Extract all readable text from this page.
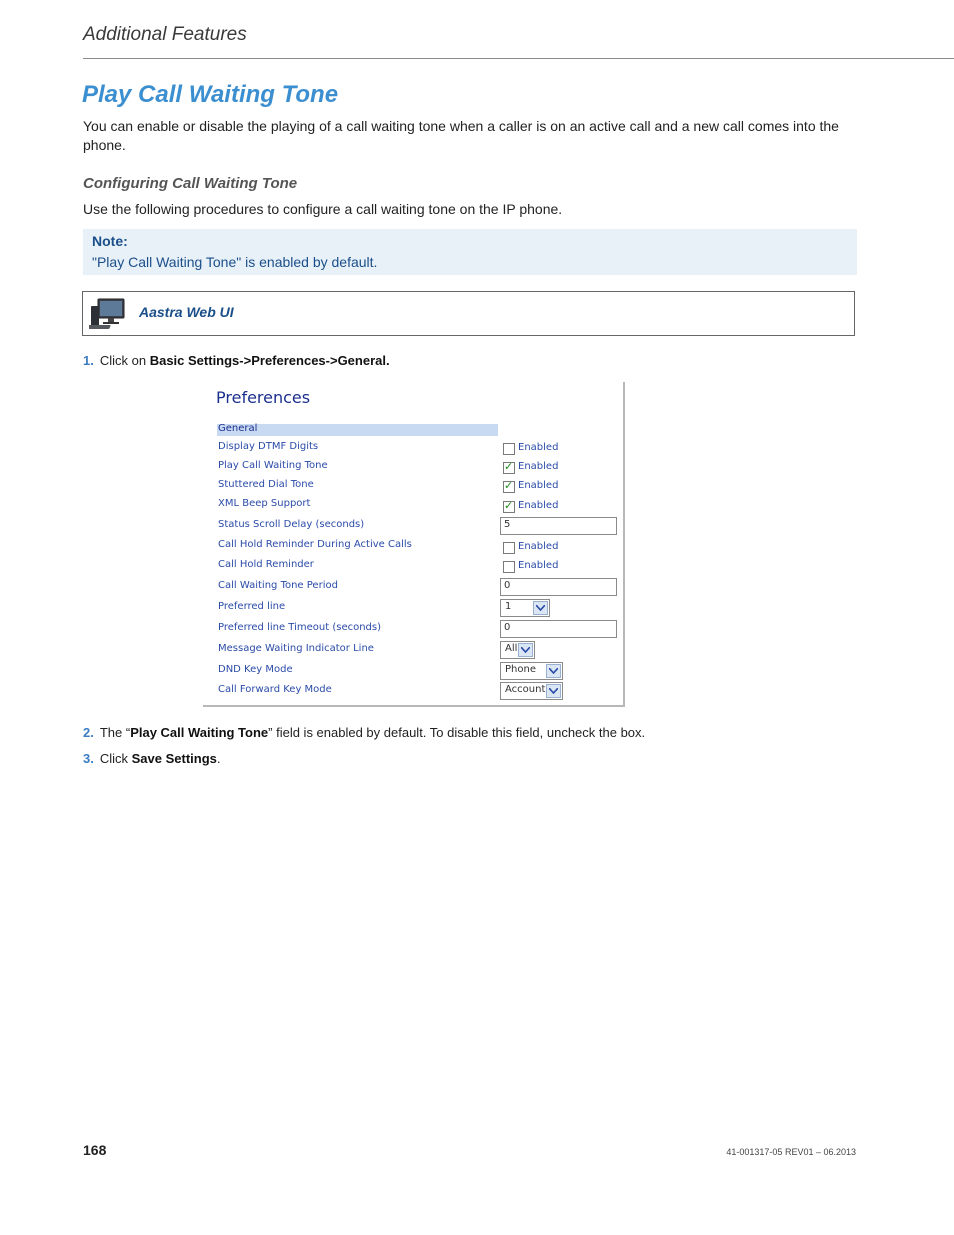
Additional Features
Play Call Waiting Tone
You can enable or disable the playing of a call waiting tone when a caller is on an active call and a new call comes into the phone.
Configuring Call Waiting Tone
Use the following procedures to configure a call waiting tone on the IP phone.
Note:
"Play Call Waiting Tone" is enabled by default.
Aastra Web UI
1. Click on Basic Settings->Preferences->General.
Preferences
General
Display DTMF Digits	Enabled
Play Call Waiting Tone ✓	Enabled
Stuttered Dial Tone ✓	Enabled
XML Beep Support ✓	Enabled
Status Scroll Delay (seconds)	5
Call Hold Reminder During Active Calls	Enabled
Call Hold Reminder	Enabled
Call Waiting Tone Period	0
Preferred line	1
Preferred line Timeout (seconds)	0
Message Waiting Indicator Line	All
DND Key Mode	Phone
Call Forward Key Mode	Account
2. The “Play Call Waiting Tone” field is enabled by default. To disable this field, uncheck the box.
3. Click Save Settings.
168	41-001317-05 REV01 – 06.2013
